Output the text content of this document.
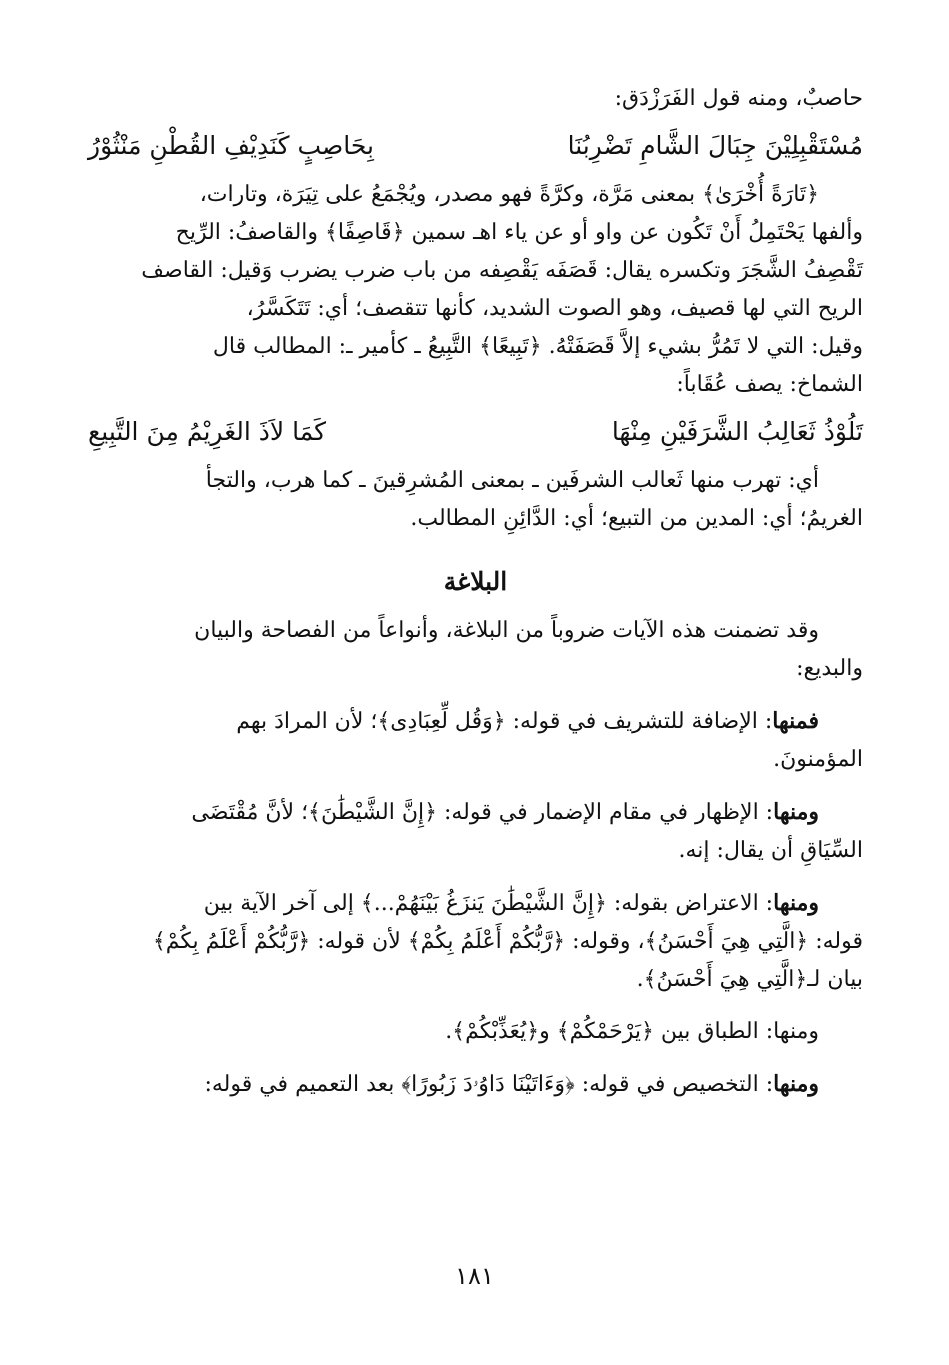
حاصبٌ، ومنه قول الفَرَزْدَق:

مُسْتَقْبِلِيْنَ جِبَالَ الشَّامِ تَضْرِبُنَا
بِحَاصِبٍ كَنَدِيْفِ القُطْنِ مَنْثُوْرُ

﴿تَارَةً أُخْرَىٰ﴾ بمعنى مَرَّة، وكرَّةً فهو مصدر، ويُجْمَعُ على تِيَرَة، وتارات،

وألفها يَحْتَمِلُ أَنْ تَكُون عن واو أو عن ياء اهـ سمين ﴿قَاصِفًا﴾ والقاصفُ: الرِّيح

تَقْصِفُ الشَّجَرَ وتكسره يقال: قَصَفَه يَقْصِفه من باب ضرب يضرب وَقيل: القاصف

الريح التي لها قصيف، وهو الصوت الشديد، كأنها تتقصف؛ أي: تَتَكَسَّرُ،

وقيل: التي لا تَمُرُّ بشيء إلاَّ قَصَفَتْهُ. ﴿تَبِيعًا﴾ التَّبِيعُ ـ كأمير ـ: المطالب قال

الشماخ: يصف عُقَاباً:

تَلُوْذُ ثَعَالِبُ الشَّرَفَيْنِ مِنْهَا
كَمَا لاَذَ الغَرِيْمُ مِنَ التَّبِيعِ

أي: تهرب منها ثَعالب الشرفَين ـ بمعنى المُشرِقينَ ـ كما هرب، والتجأ

الغريمُ؛ أي: المدين من التبيع؛ أي: الدَّائِنِ المطالب.

البلاغة

وقد تضمنت هذه الآيات ضروباً من البلاغة، وأنواعاً من الفصاحة والبيان

والبديع:

فمنها: الإضافة للتشريف في قوله: ﴿وَقُل لِّعِبَادِى﴾؛ لأن المرادَ بهم

المؤمنونَ.

ومنها: الإظهار في مقام الإضمار في قوله: ﴿إِنَّ الشَّيْطَٰنَ﴾؛ لأنَّ مُقْتَضَى

السِّيَاقِ أن يقال: إنه.

ومنها: الاعتراض بقوله: ﴿إِنَّ الشَّيْطَٰنَ يَنزَغُ بَيْنَهُمْ...﴾ إلى آخر الآية بين

قوله: ﴿الَّتِي هِيَ أَحْسَنُ﴾، وقوله: ﴿رَّبُّكُمْ أَعْلَمُ بِكُمْ﴾ لأن قوله: ﴿رَّبُّكُمْ أَعْلَمُ بِكُمْ﴾

بيان لـ﴿الَّتِي هِيَ أَحْسَنُ﴾.

ومنها: الطباق بين ﴿يَرْحَمْكُمْ﴾ و﴿يُعَذِّبْكُمْ﴾.

ومنها: التخصيص في قوله: ﴿وَءَاتَيْنَا دَاوُۥدَ زَبُورًا﴾ بعد التعميم في قوله:

١٨١
